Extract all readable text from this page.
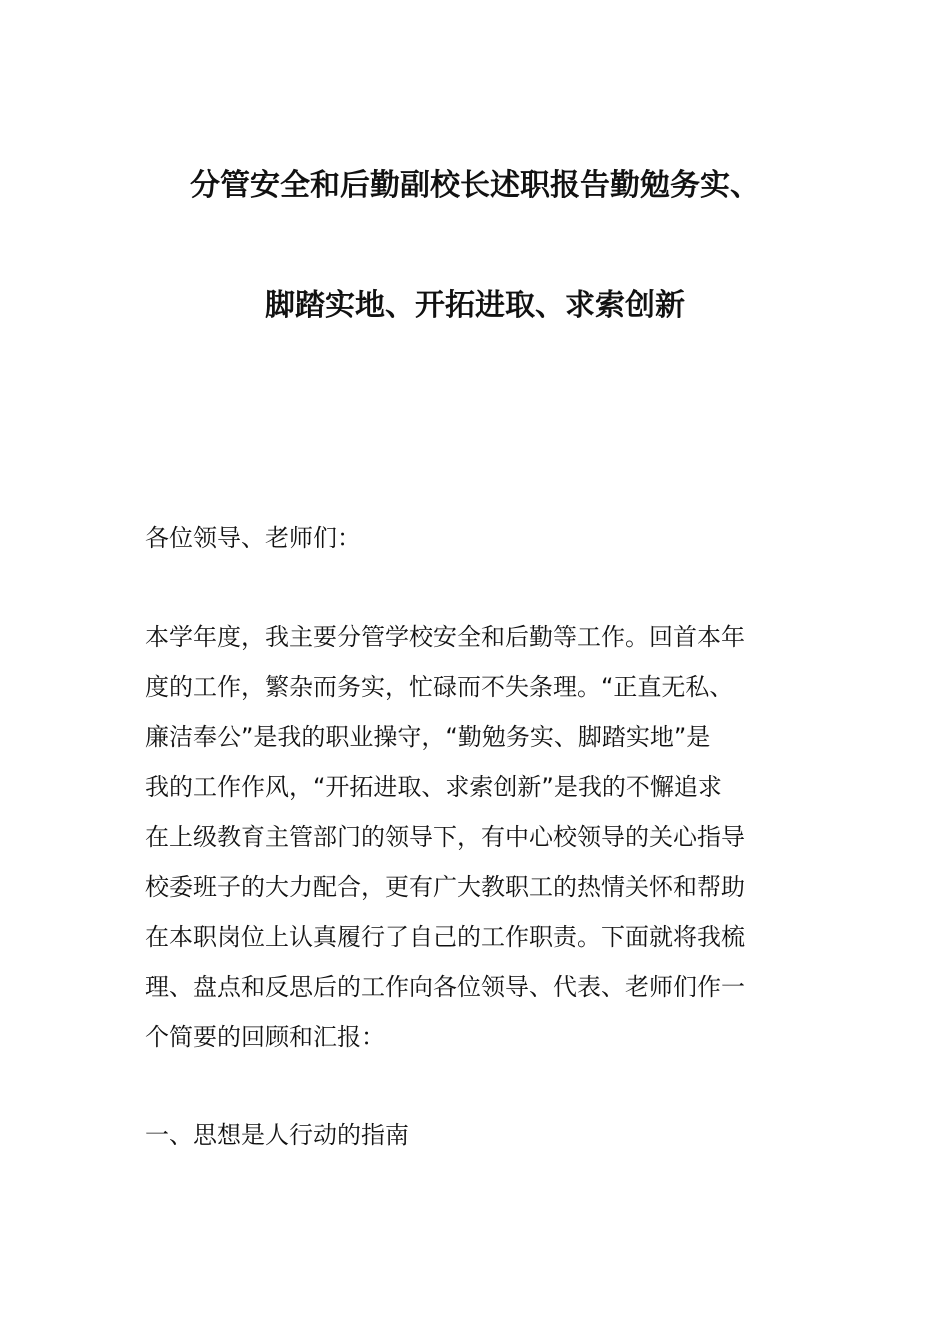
分管安全和后勤副校长述职报告勤勉务实、
脚踏实地、开拓进取、求索创新
各位领导、老师们：
本学年度，我主要分管学校安全和后勤等工作。回首本年
度的工作，繁杂而务实，忙碌而不失条理。“正直无私、
廉洁奉公”是我的职业操守，“勤勉务实、脚踏实地”是
我的工作作风，“开拓进取、求索创新”是我的不懈追求
在上级教育主管部门的领导下，有中心校领导的关心指导
校委班子的大力配合，更有广大教职工的热情关怀和帮助
在本职岗位上认真履行了自己的工作职责。下面就将我梳
理、盘点和反思后的工作向各位领导、代表、老师们作一
个简要的回顾和汇报：
一、思想是人行动的指南
